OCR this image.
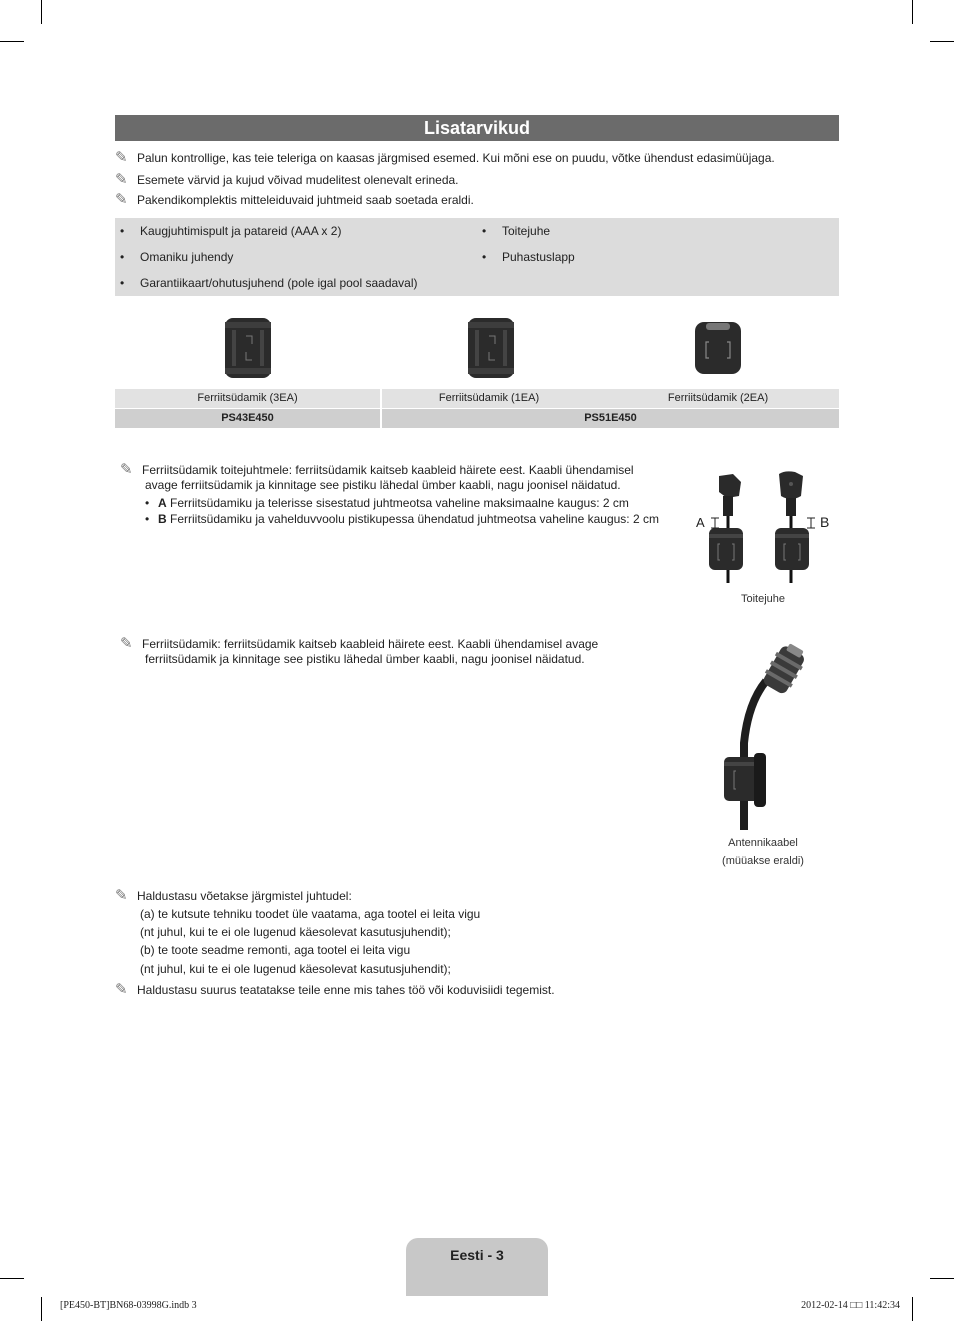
Lisatarvikud
✎ Palun kontrollige, kas teie teleriga on kaasas järgmised esemed. Kui mõni ese on puudu, võtke ühendust edasimüüjaga.
✎ Esemete värvid ja kujud võivad mudelitest olenevalt erineda.
✎ Pakendikomplektis mitteleiduvaid juhtmeid saab soetada eraldi.
• Kaugjuhtimispult ja patareid (AAA x 2)
• Omaniku juhendy
• Garantiikaart/ohutusjuhend (pole igal pool saadaval)
• Toitejuhe
• Puhastuslapp
Ferriitsüdamik (3EA)	Ferriitsüdamik (1EA)	Ferriitsüdamik (2EA)
PS43E450	PS51E450
✎ Ferriitsüdamik toitejuhtmele: ferriitsüdamik kaitseb kaableid häirete eest. Kaabli ühendamisel
avage ferriitsüdamik ja kinnitage see pistiku lähedal ümber kaabli, nagu joonisel näidatud.
• A Ferriitsüdamiku ja telerisse sisestatud juhtmeotsa vaheline maksimaalne kaugus: 2 cm
• B Ferriitsüdamiku ja vahelduvvoolu pistikupessa ühendatud juhtmeotsa vaheline kaugus: 2 cm	A	B
Toitejuhe
✎ Ferriitsüdamik: ferriitsüdamik kaitseb kaableid häirete eest. Kaabli ühendamisel avage
ferriitsüdamik ja kinnitage see pistiku lähedal ümber kaabli, nagu joonisel näidatud.
Antennikaabel
(müüakse eraldi)
✎ Haldustasu võetakse järgmistel juhtudel:
(a) te kutsute tehniku toodet üle vaatama, aga tootel ei leita vigu
(nt juhul, kui te ei ole lugenud käesolevat kasutusjuhendit);
(b) te toote seadme remonti, aga tootel ei leita vigu
(nt juhul, kui te ei ole lugenud käesolevat kasutusjuhendit);
✎ Haldustasu suurus teatatakse teile enne mis tahes töö või koduvisiidi tegemist.
Eesti - 3
[PE450-BT]BN68-03998G.indb 3	2012-02-14 □□ 11:42:34
